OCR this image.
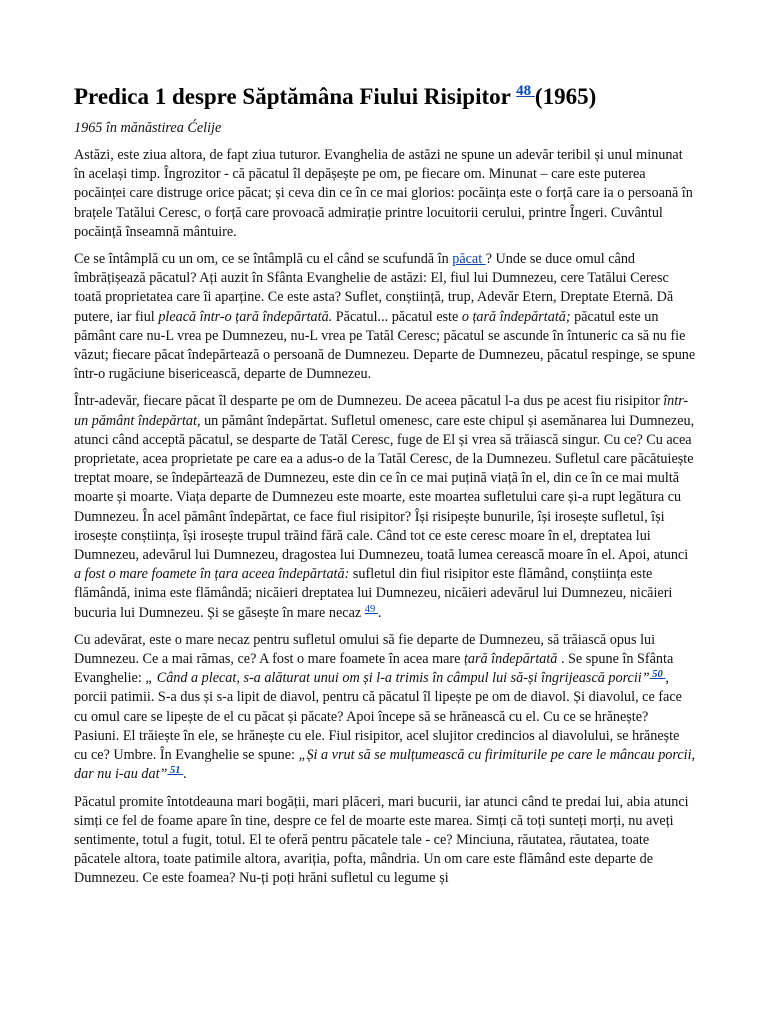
Predica 1 despre Săptămâna Fiului Risipitor $^{48}$ (1965)
1965 în mănăstirea Ćelije

Astăzi, este ziua altora, de fapt ziua tuturor. Evanghelia de astăzi ne spune un adevăr teribil și unul minunat în același timp. Îngrozitor - că păcatul îl depășește pe om, pe fiecare om. Minunat – care este puterea pocăinței care distruge orice păcat; și ceva din ce în ce mai glorios: pocăința este o forță care ia o persoană în brațele Tatălui Ceresc, o forță care provoacă admirație printre locuitorii cerului, printre Îngeri. Cuvântul pocăință înseamnă mântuire.

Ce se întâmplă cu un om, ce se întâmplă cu el când se scufundă în păcat ? Unde se duce omul când îmbrățișează păcatul? Ați auzit în Sfânta Evanghelie de astăzi: El, fiul lui Dumnezeu, cere Tatălui Ceresc toată proprietatea care îi aparține. Ce este asta? Suflet, conștiință, trup, Adevăr Etern, Dreptate Eternă. Dă putere, iar fiul pleacă într-o țară îndepărtată. Păcatul... păcatul este o țară îndepărtată; păcatul este un pământ care nu-L vrea pe Dumnezeu, nu-L vrea pe Tatăl Ceresc; păcatul se ascunde în întuneric ca să nu fie văzut; fiecare păcat îndepărtează o persoană de Dumnezeu. Departe de Dumnezeu, păcatul respinge, se spune într-o rugăciune bisericească, departe de Dumnezeu.

Într-adevăr, fiecare păcat îl desparte pe om de Dumnezeu. De aceea păcatul l-a dus pe acest fiu risipitor într-un pământ îndepărtat, un pământ îndepărtat. Sufletul omenesc, care este chipul și asemănarea lui Dumnezeu, atunci când acceptă păcatul, se desparte de Tatăl Ceresc, fuge de El și vrea să trăiască singur. Cu ce? Cu acea proprietate, acea proprietate pe care ea a adus-o de la Tatăl Ceresc, de la Dumnezeu. Sufletul care păcătuiește treptat moare, se îndepărtează de Dumnezeu, este din ce în ce mai puțină viață în el, din ce în ce mai multă moarte și moarte. Viața departe de Dumnezeu este moarte, este moartea sufletului care și-a rupt legătura cu Dumnezeu. În acel pământ îndepărtat, ce face fiul risipitor? Își risipește bunurile, își irosește sufletul, își irosește conștiința, își irosește trupul trăind fără cale. Când tot ce este ceresc moare în el, dreptatea lui Dumnezeu, adevărul lui Dumnezeu, dragostea lui Dumnezeu, toată lumea cerească moare în el. Apoi, atunci a fost o mare foamete în țara aceea îndepărtată: sufletul din fiul risipitor este flămând, conștiința este flămândă, inima este flămândă; nicăieri dreptatea lui Dumnezeu, nicăieri adevărul lui Dumnezeu, nicăieri bucuria lui Dumnezeu. Și se găsește în mare necaz $^{49}$ .

Cu adevărat, este o mare necaz pentru sufletul omului să fie departe de Dumnezeu, să trăiască opus lui Dumnezeu. Ce a mai rămas, ce? A fost o mare foamete în acea mare țară îndepărtată . Se spune în Sfânta Evanghelie: „ Când a plecat, s-a alăturat unui om și l-a trimis în câmpul lui să-și îngrijească porcii” $^{50}$ , porcii patimii. S-a dus și s-a lipit de diavol, pentru că păcatul îl lipește pe om de diavol. Și diavolul, ce face cu omul care se lipește de el cu păcat și păcate? Apoi începe să se hrănească cu el. Cu ce se hrănește? Pasiuni. El trăiește în ele, se hrănește cu ele. Fiul risipitor, acel slujitor credincios al diavolului, se hrănește cu ce? Umbre. În Evanghelie se spune: „Și a vrut să se mulțumească cu firimiturile pe care le mâncau porcii, dar nu i-au dat” $^{51}$ .

Păcatul promite întotdeauna mari bogății, mari plăceri, mari bucurii, iar atunci când te predai lui, abia atunci simți ce fel de foame apare în tine, despre ce fel de moarte este marea. Simți că toți sunteți morți, nu aveți sentimente, totul a fugit, totul. El te oferă pentru păcatele tale - ce? Minciuna, răutatea, răutatea, toate păcatele altora, toate patimile altora, avariția, pofta, mândria. Un om care este flămând este departe de Dumnezeu. Ce este foamea? Nu-ți poți hrăni sufletul cu legume și
